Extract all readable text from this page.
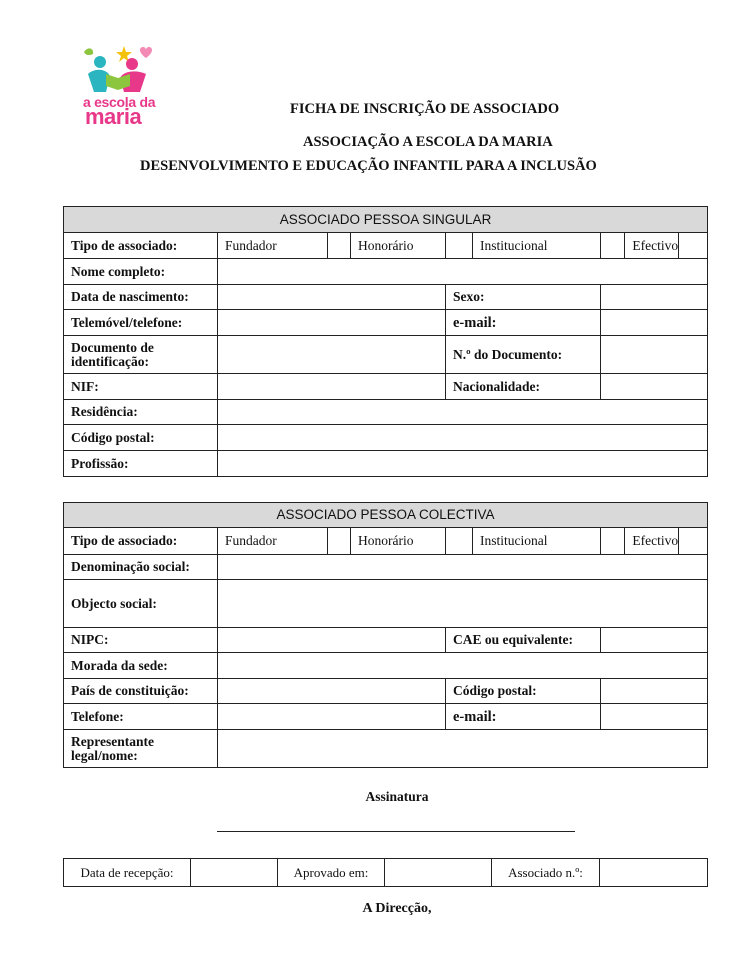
a escola da
maria	FICHA DE INSCRIÇÃO DE ASSOCIADO
ASSOCIAÇÃO A ESCOLA DA MARIA
DESENVOLVIMENTO E EDUCAÇÃO INFANTIL PARA A INCLUSÃO
ASSOCIADO PESSOA SINGULAR				
Tipo de associado:	Fundador	Honorário	Institucional	Efectivo

Nome completo:				
Data de nascimento:			Sexo:	
Telemóvel/telefone:			e-mail:	
Documento de identificação:			N.º do Documento:	
NIF:			Nacionalidade:	
Residência:				
Código postal:				
Profissão:				
ASSOCIADO PESSOA COLECTIVA				
Tipo de associado:	Fundador	Honorário	Institucional	Efectivo

Denominação social:				
Objecto social:				
NIPC:			CAE ou equivalente:	
Morada da sede:				
País de constituição:			Código postal:	
Telefone:			e-mail:	
Representante legal/nome:				
Assinatura
Data de recepção:		Aprovado em:		Associado n.º:	
A Direcção,
